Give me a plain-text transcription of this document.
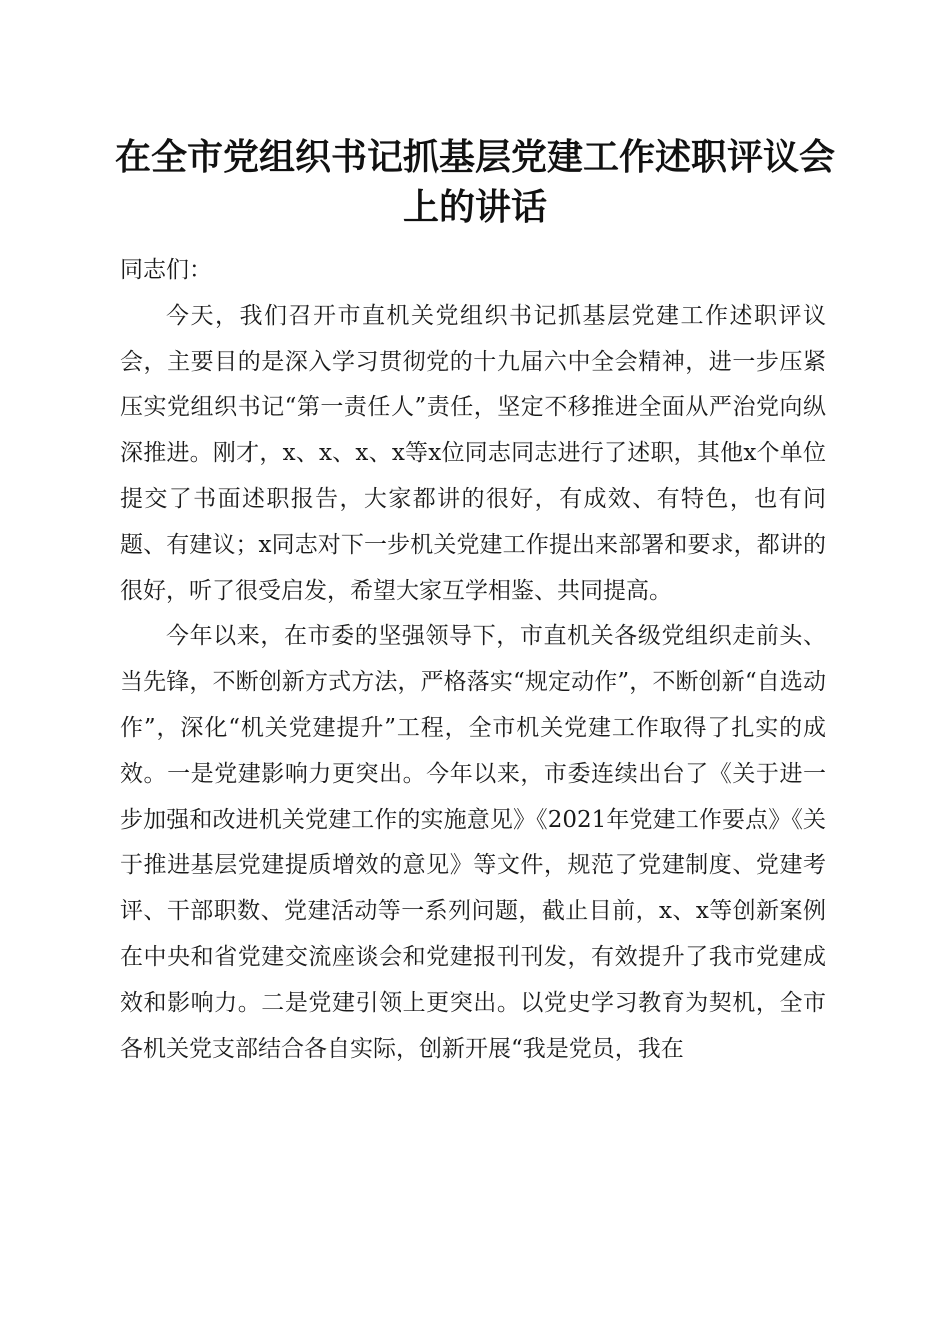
在全市党组织书记抓基层党建工作述职评议会上的讲话

同志们：

今天，我们召开市直机关党组织书记抓基层党建工作述职评议会，主要目的是深入学习贯彻党的十九届六中全会精神，进一步压紧压实党组织书记“第一责任人”责任，坚定不移推进全面从严治党向纵深推进。刚才，x、x、x、x等x位同志同志进行了述职，其他x个单位提交了书面述职报告，大家都讲的很好，有成效、有特色，也有问题、有建议；x同志对下一步机关党建工作提出来部署和要求，都讲的很好，听了很受启发，希望大家互学相鉴、共同提高。

今年以来，在市委的坚强领导下，市直机关各级党组织走前头、当先锋，不断创新方式方法，严格落实“规定动作”，不断创新“自选动作”，深化“机关党建提升”工程，全市机关党建工作取得了扎实的成效。一是党建影响力更突出。今年以来，市委连续出台了《关于进一步加强和改进机关党建工作的实施意见》《2021年党建工作要点》《关于推进基层党建提质增效的意见》等文件，规范了党建制度、党建考评、干部职数、党建活动等一系列问题，截止目前，x、x等创新案例在中央和省党建交流座谈会和党建报刊刊发，有效提升了我市党建成效和影响力。二是党建引领上更突出。以党史学习教育为契机，全市各机关党支部结合各自实际，创新开展“我是党员，我在
